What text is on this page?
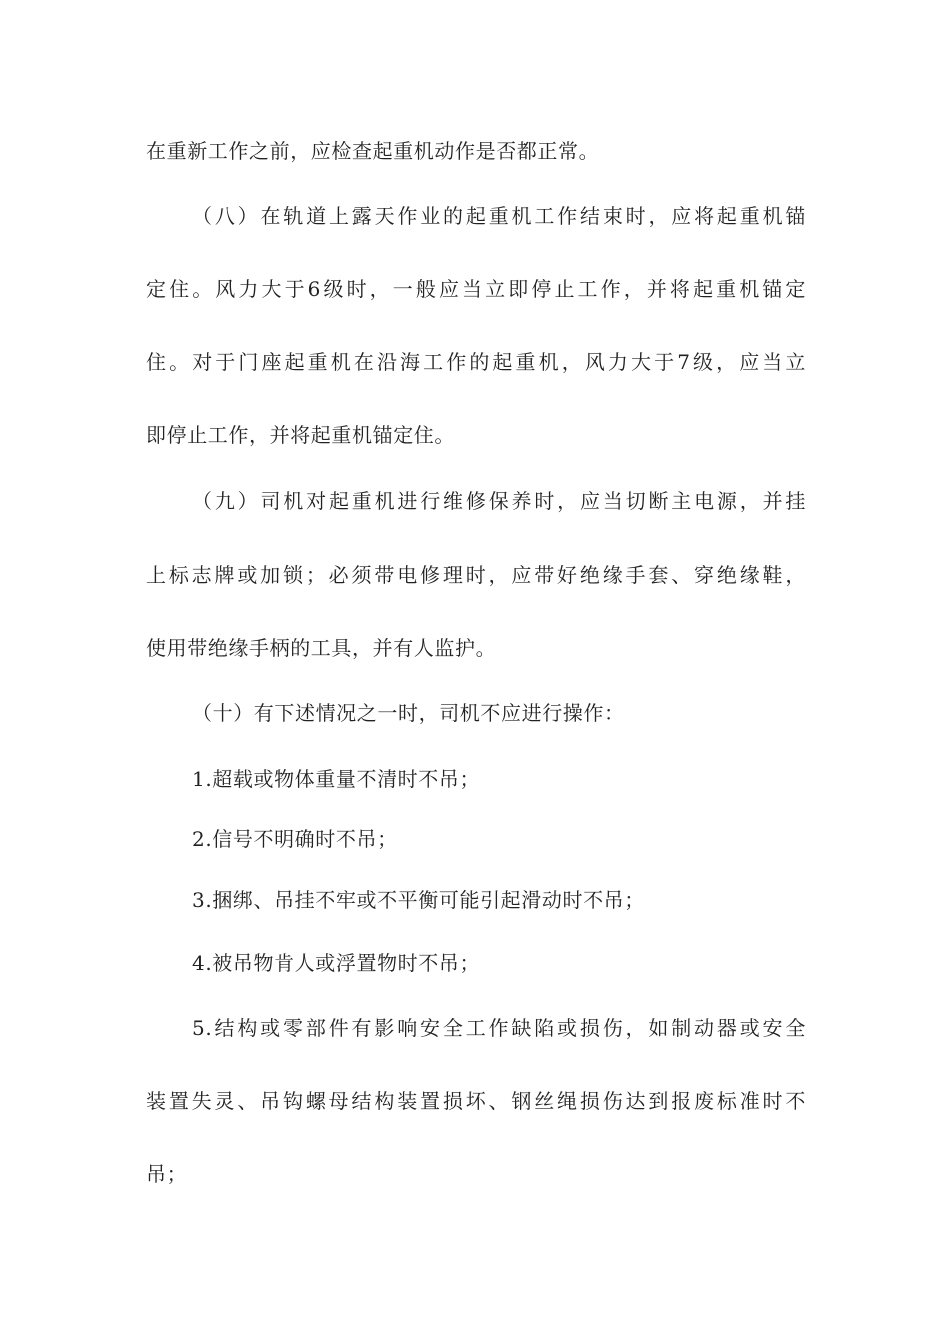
在重新工作之前，应检查起重机动作是否都正常。
（八）在轨道上露天作业的起重机工作结束时，应将起重机锚
定住。风力大于6级时，一般应当立即停止工作，并将起重机锚定
住。对于门座起重机在沿海工作的起重机，风力大于7级，应当立
即停止工作，并将起重机锚定住。
（九）司机对起重机进行维修保养时，应当切断主电源，并挂
上标志牌或加锁；必须带电修理时，应带好绝缘手套、穿绝缘鞋，
使用带绝缘手柄的工具，并有人监护。
（十）有下述情况之一时，司机不应进行操作：
1.超载或物体重量不清时不吊；
2.信号不明确时不吊；
3.捆绑、吊挂不牢或不平衡可能引起滑动时不吊；
4.被吊物肯人或浮置物时不吊；
5.结构或零部件有影响安全工作缺陷或损伤，如制动器或安全
装置失灵、吊钩螺母结构装置损坏、钢丝绳损伤达到报废标准时不
吊；
